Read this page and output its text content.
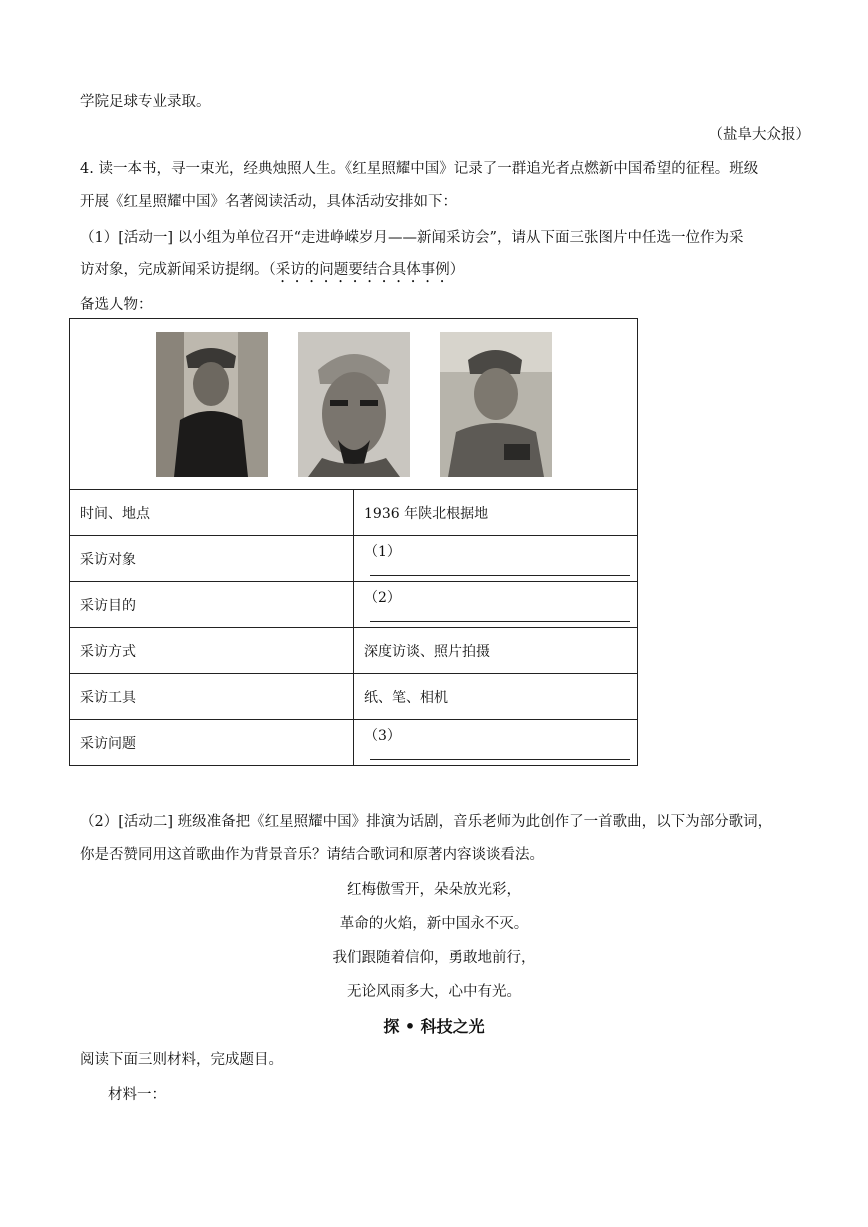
学院足球专业录取。
（盐阜大众报）
4. 读一本书，寻一束光，经典烛照人生。《红星照耀中国》记录了一群追光者点燃新中国希望的征程。班级
开展《红星照耀中国》名著阅读活动，具体活动安排如下：
（1）[活动一] 以小组为单位召开“走进峥嵘岁月——新闻采访会”，请从下面三张图片中任选一位作为采
访对象，完成新闻采访提纲。（采访的问题要结合具体事例）
备选人物：

时间、地点	1936 年陕北根据地
采访对象	（1）
采访目的	（2）
采访方式	深度访谈、照片拍摄
采访工具	纸、笔、相机
采访问题	（3）
（2）[活动二] 班级准备把《红星照耀中国》排演为话剧，音乐老师为此创作了一首歌曲，以下为部分歌词，
你是否赞同用这首歌曲作为背景音乐？请结合歌词和原著内容谈谈看法。
红梅傲雪开，朵朵放光彩，
革命的火焰，新中国永不灭。
我们跟随着信仰，勇敢地前行，
无论风雨多大，心中有光。
探 • 科技之光
阅读下面三则材料，完成题目。
材料一：
